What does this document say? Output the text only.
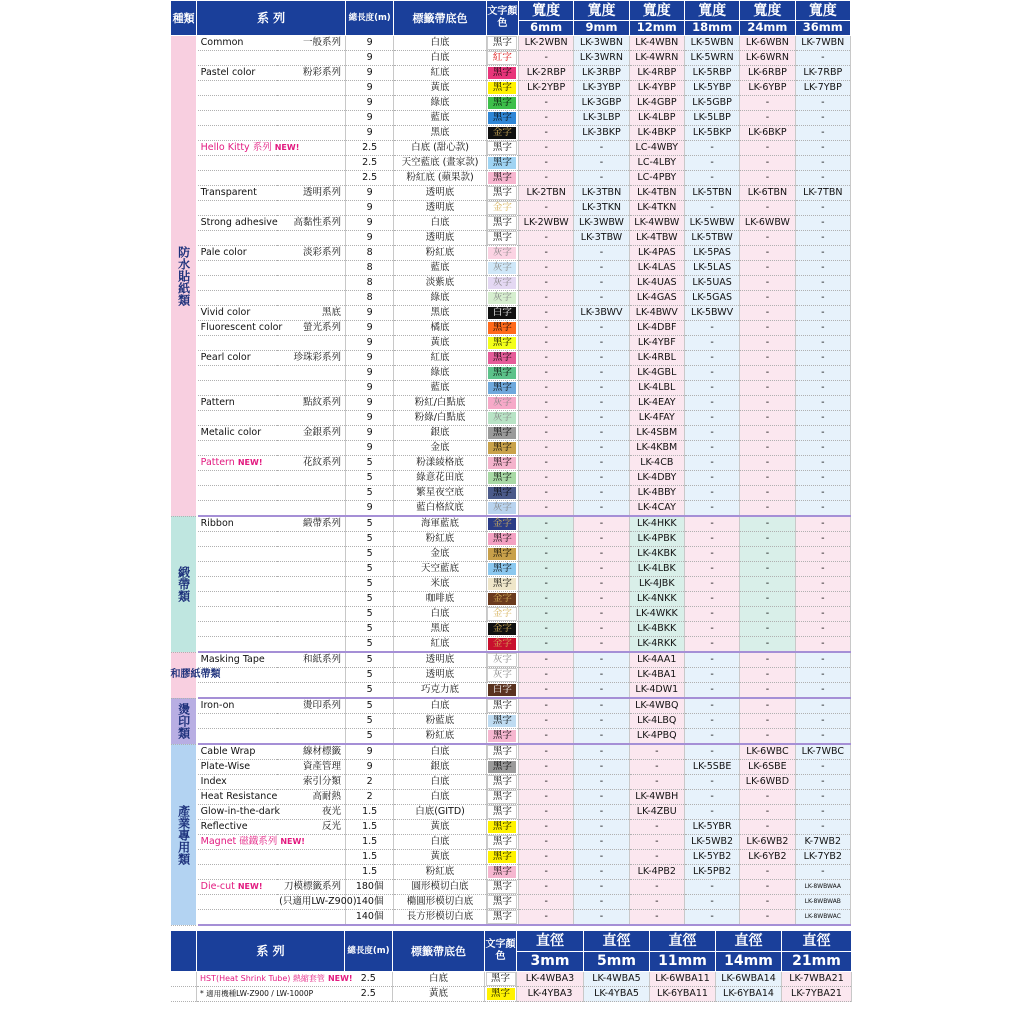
種類	系 列		總長度(m)	標籤帶底色	文字顏色	寬度	寬度	寬度	寬度	寬度	寬度
						6mm	9mm	12mm	18mm	24mm	36mm
防水貼紙類	Common	一般系列	9	白底	黑字	LK-2WBN	LK-3WBN	LK-4WBN	LK-5WBN	LK-6WBN	LK-7WBN
			9	白底	紅字	-	LK-3WRN	LK-4WRN	LK-5WRN	LK-6WRN	-
	Pastel color	粉彩系列	9	紅底	黑字	LK-2RBP	LK-3RBP	LK-4RBP	LK-5RBP	LK-6RBP	LK-7RBP
			9	黃底	黑字	LK-2YBP	LK-3YBP	LK-4YBP	LK-5YBP	LK-6YBP	LK-7YBP
			9	綠底	黑字	-	LK-3GBP	LK-4GBP	LK-5GBP	-	-
			9	藍底	黑字	-	LK-3LBP	LK-4LBP	LK-5LBP	-	-
			9	黑底	金字	-	LK-3BKP	LK-4BKP	LK-5BKP	LK-6BKP	-
	Hello Kitty 系列 NEW!		2.5	白底 (甜心款)	黑字	-	-	LC-4WBY	-	-	-
			2.5	天空藍底 (畫家款)	黑字	-	-	LC-4LBY	-	-	-
			2.5	粉紅底 (蘋果款)	黑字	-	-	LC-4PBY	-	-	-
	Transparent	透明系列	9	透明底	黑字	LK-2TBN	LK-3TBN	LK-4TBN	LK-5TBN	LK-6TBN	LK-7TBN
			9	透明底	金字	-	LK-3TKN	LK-4TKN	-	-	-
	Strong adhesive	高黏性系列	9	白底	黑字	LK-2WBW	LK-3WBW	LK-4WBW	LK-5WBW	LK-6WBW	-
			9	透明底	黑字	-	LK-3TBW	LK-4TBW	LK-5TBW	-	-
	Pale color	淡彩系列	8	粉紅底	灰字	-	-	LK-4PAS	LK-5PAS	-	-
			8	藍底	灰字	-	-	LK-4LAS	LK-5LAS	-	-
			8	淡紫底	灰字	-	-	LK-4UAS	LK-5UAS	-	-
			8	綠底	灰字	-	-	LK-4GAS	LK-5GAS	-	-
	Vivid color	黑底	9	黑底	白字	-	LK-3BWV	LK-4BWV	LK-5BWV	-	-
	Fluorescent color	螢光系列	9	橘底	黑字	-	-	LK-4DBF	-	-	-
			9	黃底	黑字	-	-	LK-4YBF	-	-	-
	Pearl color	珍珠彩系列	9	紅底	黑字	-	-	LK-4RBL	-	-	-
			9	綠底	黑字	-	-	LK-4GBL	-	-	-
			9	藍底	黑字	-	-	LK-4LBL	-	-	-
	Pattern	點紋系列	9	粉紅/白點底	灰字	-	-	LK-4EAY	-	-	-
			9	粉綠/白點底	灰字	-	-	LK-4FAY	-	-	-
	Metalic color	金銀系列	9	銀底	黑字	-	-	LK-4SBM	-	-	-
			9	金底	黑字	-	-	LK-4KBM	-	-	-
	Pattern NEW!	花紋系列	5	粉漾綾格底	黑字	-	-	LK-4CB	-	-	-
			5	綠意花田底	黑字	-	-	LK-4DBY	-	-	-
			5	繁星夜空底	黑字	-	-	LK-4BBY	-	-	-
			9	藍白格紋底	灰字	-	-	LK-4CAY	-	-	-
緞帶類	Ribbon	緞帶系列	5	海軍藍底	金字	-	-	LK-4HKK	-	-	-
			5	粉紅底	黑字	-	-	LK-4PBK	-	-	-
			5	金底	黑字	-	-	LK-4KBK	-	-	-
			5	天空藍底	黑字	-	-	LK-4LBK	-	-	-
			5	米底	黑字	-	-	LK-4JBK	-	-	-
			5	咖啡底	金字	-	-	LK-4NKK	-	-	-
			5	白底	金字	-	-	LK-4WKK	-	-	-
			5	黑底	金字	-	-	LK-4BKK	-	-	-
			5	紅底	金字	-	-	LK-4RKK	-	-	-
和膠紙帶類	Masking Tape	和紙系列	5	透明底	灰字	-	-	LK-4AA1	-	-	-
			5	透明底	灰字	-	-	LK-4BA1	-	-	-
			5	巧克力底	白字	-	-	LK-4DW1	-	-	-
燙印類	Iron-on	燙印系列	5	白底	黑字	-	-	LK-4WBQ	-	-	-
			5	粉藍底	黑字	-	-	LK-4LBQ	-	-	-
			5	粉紅底	黑字	-	-	LK-4PBQ	-	-	-
產業專用類	Cable Wrap	線材標籤	9	白底	黑字	-	-	-	-	LK-6WBC	LK-7WBC
	Plate-Wise	資產管理	9	銀底	黑字	-	-	-	LK-5SBE	LK-6SBE	-
	Index	索引分類	2	白底	黑字	-	-	-	-	LK-6WBD	-
	Heat Resistance	高耐熱	2	白底	黑字	-	-	LK-4WBH	-	-	-
	Glow-in-the-dark	夜光	1.5	白底(GITD)	黑字	-	-	LK-4ZBU	-	-	-
	Reflective	反光	1.5	黃底	黑字	-	-	-	LK-5YBR	-	-
	Magnet 磁鐵系列 NEW!		1.5	白底	黑字	-	-	-	LK-5WB2	LK-6WB2	K-7WB2
			1.5	黃底	黑字	-	-	-	LK-5YB2	LK-6YB2	LK-7YB2
			1.5	粉紅底	黑字	-	-	LK-4PB2	LK-5PB2	-	-
	Die-cut NEW!	刀模標籤系列	180個	圓形模切白底	黑字	-	-	-	-	-	LK-8WBWAA
		(只適用LW-Z900)	140個	橢圓形模切白底	黑字	-	-	-	-	-	LK-8WBWAB
			140個	長方形模切白底	黑字	-	-	-	-	-	LK-8WBWAC
	系 列	總長度(m)	標籤帶底色	文字顏色	直徑	直徑	直徑	直徑	直徑
					3mm	5mm	11mm	14mm	21mm
	HST(Heat Shrink Tube) 熱縮套管 NEW!	2.5	白底	黑字	LK-4WBA3	LK-4WBA5	LK-6WBA11	LK-6WBA14	LK-7WBA21
	* 適用機種LW-Z900 / LW-1000P	2.5	黃底	黑字	LK-4YBA3	LK-4YBA5	LK-6YBA11	LK-6YBA14	LK-7YBA21
